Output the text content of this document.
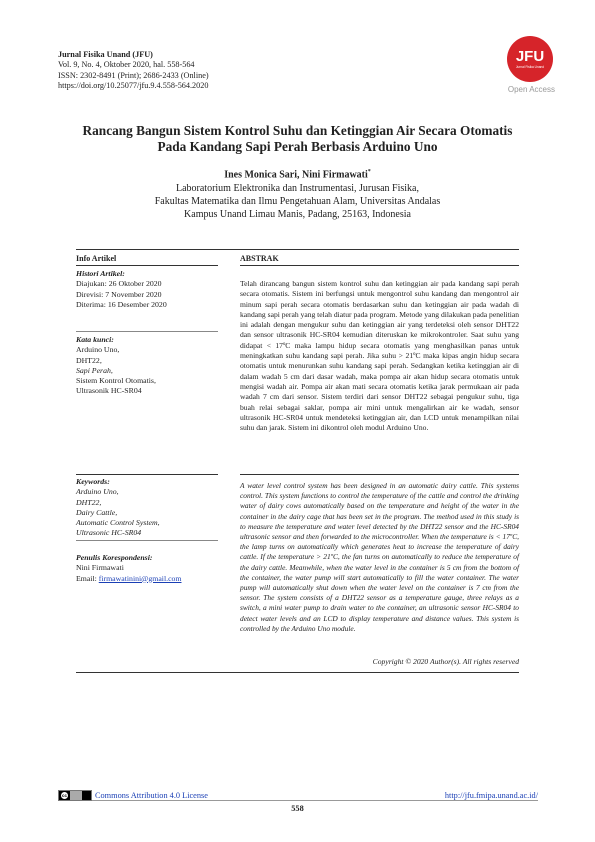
Jurnal Fisika Unand (JFU)
Vol. 9, No. 4, Oktober 2020, hal. 558-564
ISSN: 2302-8491 (Print); 2686-2433 (Online)
https://doi.org/10.25077/jfu.9.4.558-564.2020
JFU
Jurnal Fisika Unand
Open Access
Rancang Bangun Sistem Kontrol Suhu dan Ketinggian Air Secara Otomatis
Pada Kandang Sapi Perah Berbasis Arduino Uno
Ines Monica Sari, Nini Firmawati*
Laboratorium Elektronika dan Instrumentasi, Jurusan Fisika,
Fakultas Matematika dan Ilmu Pengetahuan Alam, Universitas Andalas
Kampus Unand Limau Manis, Padang, 25163, Indonesia
Info Artikel	ABSTRAK
Histori Artikel:
Diajukan: 26 Oktober 2020
Direvisi: 7 November 2020
Diterima: 16 Desember 2020
Kata kunci:
Arduino Uno,
DHT22,
Sapi Perah,
Sistem Kontrol Otomatis,
Ultrasonik HC-SR04
Keywords:
Arduino Uno,
DHT22,
Dairy Cattle,
Automatic Control System,
Ultrasonic HC-SR04
Penulis Korespondensi:
Nini Firmawati
Email: firmawatinini@gmail.com
Telah dirancang bangun sistem kontrol suhu dan ketinggian air pada kandang sapi perah secara otomatis. Sistem ini berfungsi untuk mengontrol suhu kandang dan mengontrol air minum sapi perah secara otomatis berdasarkan suhu dan ketinggian air pada wadah di kandang sapi perah yang telah diatur pada program. Metode yang dilakukan pada penelitian ini adalah dengan mengukur suhu dan ketinggian air yang terdeteksi oleh sensor DHT22 dan sensor ultrasonik HC-SR04 kemudian diteruskan ke mikrokontroler. Saat suhu yang didapat < 17ºC maka lampu hidup secara otomatis yang menghasilkan panas untuk meningkatkan suhu kandang sapi perah. Jika suhu > 21ºC maka kipas angin hidup secara otomatis untuk menurunkan suhu kandang sapi perah. Sedangkan ketika ketinggian air di dalam wadah 5 cm dari dasar wadah, maka pompa air akan hidup secara otomatis untuk mengisi wadah air. Pompa air akan mati secara otomatis ketika jarak permukaan air pada wadah 7 cm dari sensor. Sistem terdiri dari sensor DHT22 sebagai pengukur suhu, tiga buah relai sebagai saklar, pompa air mini untuk mengalirkan air ke wadah, sensor ultrasonik HC-SR04 untuk mendeteksi ketinggian air, dan LCD untuk menampilkan nilai suhu dan jarak. Sistem ini dikontrol oleh modul Arduino Uno.
A water level control system has been designed in an automatic dairy cattle. This systems control. This system functions to control the temperature of the cattle and control the drinking water of dairy cows automatically based on the temperature and height of the water in the container in the dairy cage that has been set in the program. The method used in this study is to measure the temperature and water level detected by the DHT22 sensor and the HC-SR04 ultrasonic sensor and then forwarded to the microcontroller. When the temperature is < 17ºC, the lamp turns on automatically which generates heat to increase the temperature of dairy cattle. If the temperature > 21ºC, the fan turns on automatically to reduce the temperature of the dairy cattle. Meanwhile, when the water level in the container is 5 cm from the bottom of the container, the water pump will start automatically to fill the water container. The water pump will automatically shut down when the water level on the container is 7 cm from the sensor. The system consists of a DHT22 sensor as a temperature gauge, three relays as a switch, a mini water pump to drain water to the container, an ultrasonic sensor HC-SR04 to detect water levels and an LCD to display temperature and distance values. This system is controlled by the Arduino Uno module.
Copyright © 2020 Author(s). All rights reserved
cc	Commons Attribution 4.0 License	http://jfu.fmipa.unand.ac.id/
558
